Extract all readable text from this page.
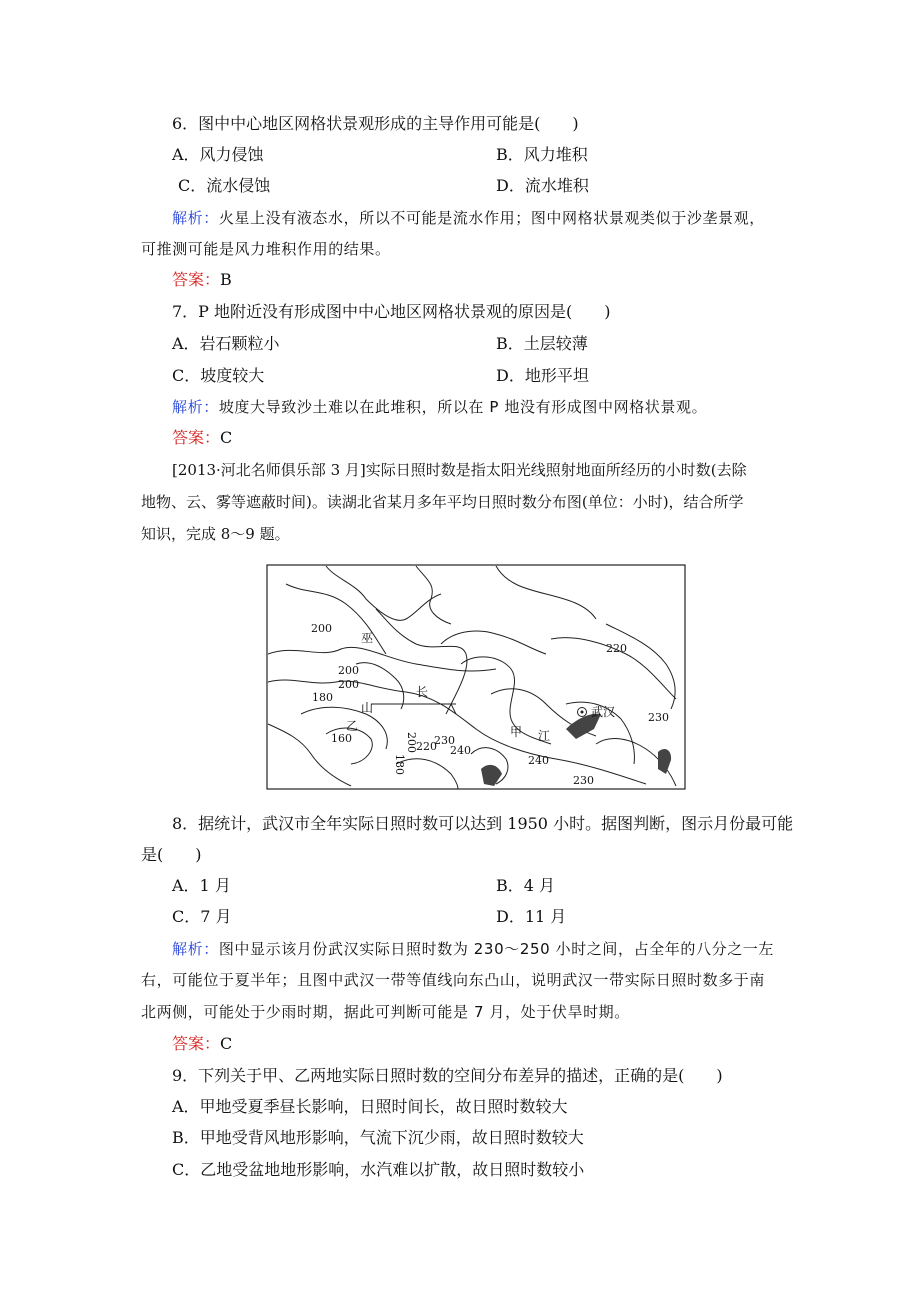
6．图中中心地区网格状景观形成的主导作用可能是(　　)
A．风力侵蚀	B．风力堆积
C．流水侵蚀	D．流水堆积
解析：火星上没有液态水，所以不可能是流水作用；图中网格状景观类似于沙垄景观，
可推测可能是风力堆积作用的结果。
答案：B
7．P 地附近没有形成图中中心地区网格状景观的原因是(　　)
A．岩石颗粒小	B．土层较薄
C．坡度较大	D．地形平坦
解析：坡度大导致沙土难以在此堆积，所以在 P 地没有形成图中网格状景观。
答案：C
[2013·河北名师俱乐部 3 月]实际日照时数是指太阳光线照射地面所经历的小时数(去除
地物、云、雾等遮蔽时间)。读湖北省某月多年平均日照时数分布图(单位：小时)，结合所学
知识，完成 8～9 题。
200
200
200
180
160
220
220
230
230
230
240
240
180
200
巫
长
山
乙	甲 江
武汉
8．据统计，武汉市全年实际日照时数可以达到 1950 小时。据图判断，图示月份最可能
是(　　)
A．1 月	B．4 月
C．7 月	D．11 月
解析：图中显示该月份武汉实际日照时数为 230～250 小时之间，占全年的八分之一左
右，可能位于夏半年；且图中武汉一带等值线向东凸山，说明武汉一带实际日照时数多于南
北两侧，可能处于少雨时期，据此可判断可能是 7 月，处于伏旱时期。
答案：C
9．下列关于甲、乙两地实际日照时数的空间分布差异的描述，正确的是(　　)
A．甲地受夏季昼长影响，日照时间长，故日照时数较大
B．甲地受背风地形影响，气流下沉少雨，故日照时数较大
C．乙地受盆地地形影响，水汽难以扩散，故日照时数较小
